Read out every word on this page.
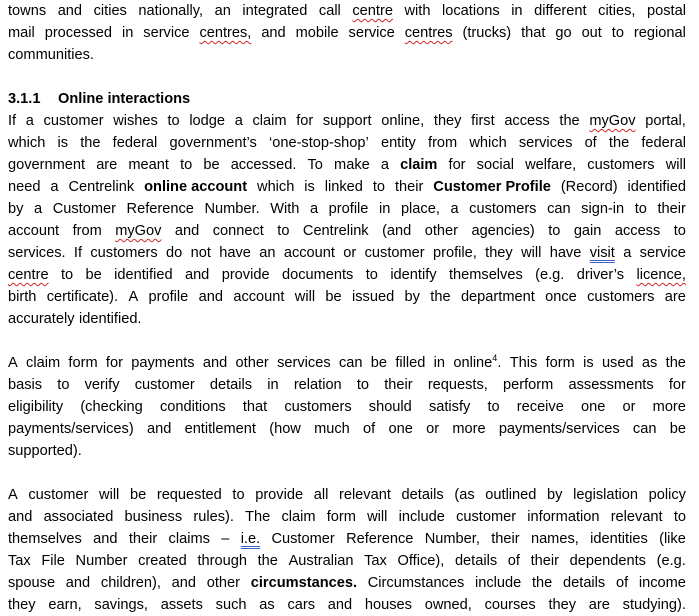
towns and cities nationally, an integrated call centre with locations in different cities, postal
mail processed in service centres, and mobile service centres (trucks) that go out to regional
communities.
3.1.1 Online interactions
If a customer wishes to lodge a claim for support online, they first access the myGov portal,
which is the federal government’s ‘one-stop-shop’ entity from which services of the federal
government are meant to be accessed. To make a claim for social welfare, customers will
need a Centrelink online account which is linked to their Customer Profile (Record) identified
by a Customer Reference Number. With a profile in place, a customers can sign-in to their
account from myGov and connect to Centrelink (and other agencies) to gain access to
services. If customers do not have an account or customer profile, they will have visit a service
centre to be identified and provide documents to identify themselves (e.g. driver’s licence,
birth certificate). A profile and account will be issued by the department once customers are
accurately identified.
A claim form for payments and other services can be filled in online$^4$. This form is used as the
basis to verify customer details in relation to their requests, perform assessments for
eligibility (checking conditions that customers should satisfy to receive one or more
payments/services) and entitlement (how much of one or more payments/services can be
supported).
A customer will be requested to provide all relevant details (as outlined by legislation policy
and associated business rules). The claim form will include customer information relevant to
themselves and their claims – i.e. Customer Reference Number, their names, identities (like
Tax File Number created through the Australian Tax Office), details of their dependents (e.g.
spouse and children), and other circumstances. Circumstances include the details of income
they earn, savings, assets such as cars and houses owned, courses they are studying).
